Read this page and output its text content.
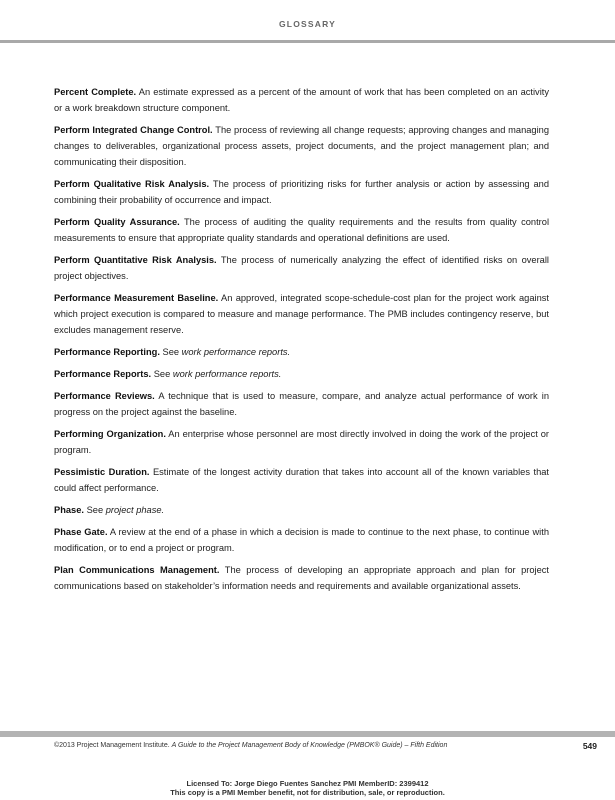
GLOSSARY

Percent Complete. An estimate expressed as a percent of the amount of work that has been completed on an activity or a work breakdown structure component.

Perform Integrated Change Control. The process of reviewing all change requests; approving changes and managing changes to deliverables, organizational process assets, project documents, and the project management plan; and communicating their disposition.

Perform Qualitative Risk Analysis. The process of prioritizing risks for further analysis or action by assessing and combining their probability of occurrence and impact.

Perform Quality Assurance. The process of auditing the quality requirements and the results from quality control measurements to ensure that appropriate quality standards and operational definitions are used.

Perform Quantitative Risk Analysis. The process of numerically analyzing the effect of identified risks on overall project objectives.

Performance Measurement Baseline. An approved, integrated scope-schedule-cost plan for the project work against which project execution is compared to measure and manage performance. The PMB includes contingency reserve, but excludes management reserve.

Performance Reporting. See work performance reports.

Performance Reports. See work performance reports.

Performance Reviews. A technique that is used to measure, compare, and analyze actual performance of work in progress on the project against the baseline.

Performing Organization. An enterprise whose personnel are most directly involved in doing the work of the project or program.

Pessimistic Duration. Estimate of the longest activity duration that takes into account all of the known variables that could affect performance.

Phase. See project phase.

Phase Gate. A review at the end of a phase in which a decision is made to continue to the next phase, to continue with modification, or to end a project or program.

Plan Communications Management. The process of developing an appropriate approach and plan for project communications based on stakeholder’s information needs and requirements and available organizational assets.

©2013 Project Management Institute. A Guide to the Project Management Body of Knowledge (PMBOK® Guide) – Fifth Edition	549
Licensed To: Jorge Diego Fuentes Sanchez PMI MemberID: 2399412
This copy is a PMI Member benefit, not for distribution, sale, or reproduction.
